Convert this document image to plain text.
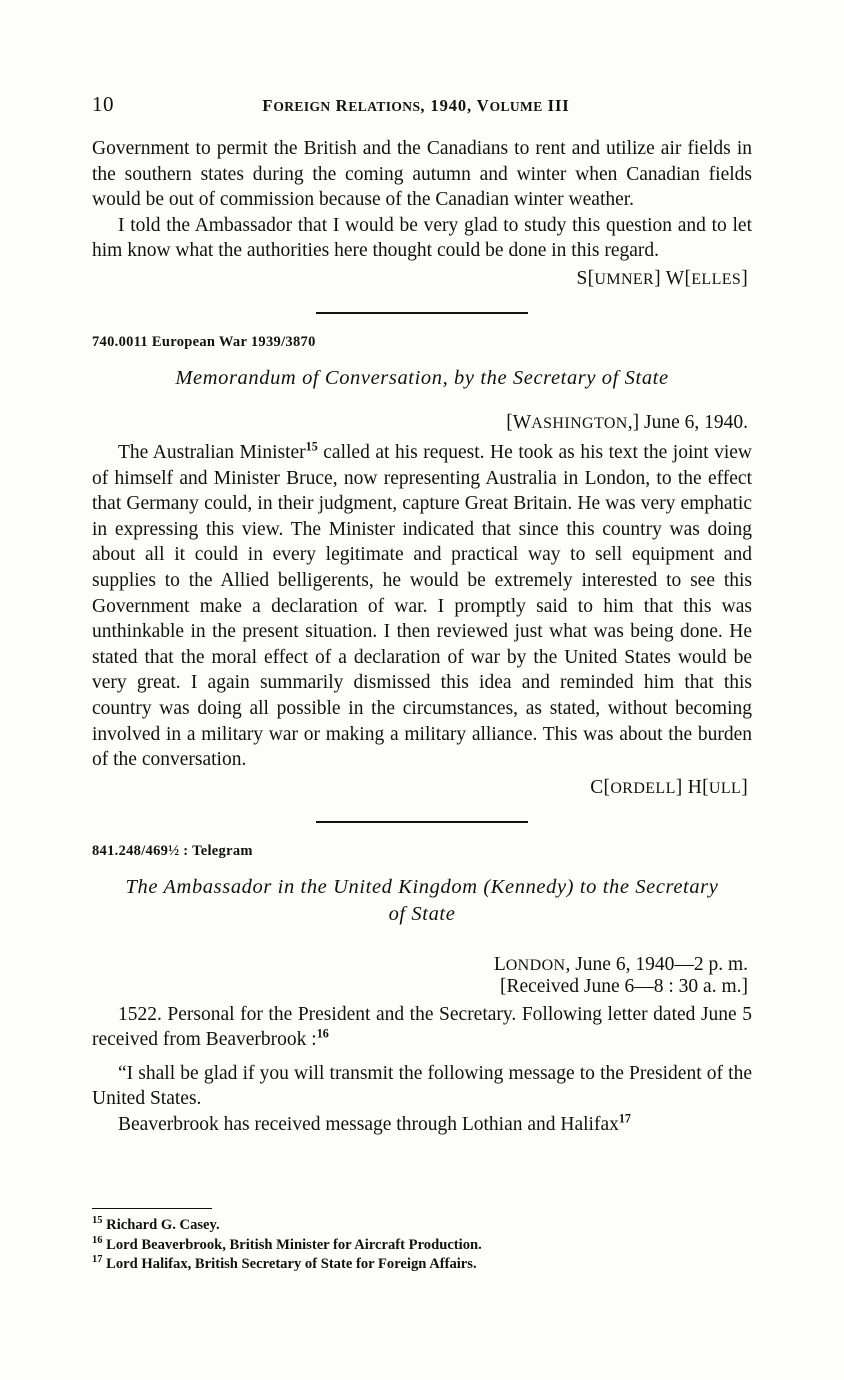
10	FOREIGN RELATIONS, 1940, VOLUME III

Government to permit the British and the Canadians to rent and utilize air fields in the southern states during the coming autumn and winter when Canadian fields would be out of commission because of the Canadian winter weather.

I told the Ambassador that I would be very glad to study this question and to let him know what the authorities here thought could be done in this regard.

S[UMNER] W[ELLES]
740.0011 European War 1939/3870
Memorandum of Conversation, by the Secretary of State
[WASHINGTON,] June 6, 1940.

The Australian Minister$^{15}$ called at his request. He took as his text the joint view of himself and Minister Bruce, now representing Australia in London, to the effect that Germany could, in their judgment, capture Great Britain. He was very emphatic in expressing this view. The Minister indicated that since this country was doing about all it could in every legitimate and practical way to sell equipment and supplies to the Allied belligerents, he would be extremely interested to see this Government make a declaration of war. I promptly said to him that this was unthinkable in the present situation. I then reviewed just what was being done. He stated that the moral effect of a declaration of war by the United States would be very great. I again summarily dismissed this idea and reminded him that this country was doing all possible in the circumstances, as stated, without becoming involved in a military war or making a military alliance. This was about the burden of the conversation.

C[ORDELL] H[ULL]
841.248/469½ : Telegram
The Ambassador in the United Kingdom (Kennedy) to the Secretary
of State
LONDON, June 6, 1940—2 p. m.
[Received June 6—8 : 30 a. m.]

1522. Personal for the President and the Secretary. Following letter dated June 5 received from Beaverbrook :$^{16}$

“I shall be glad if you will transmit the following message to the President of the United States.

Beaverbrook has received message through Lothian and Halifax$^{17}$

$^{15}$ Richard G. Casey.
$^{16}$ Lord Beaverbrook, British Minister for Aircraft Production.
$^{17}$ Lord Halifax, British Secretary of State for Foreign Affairs.
